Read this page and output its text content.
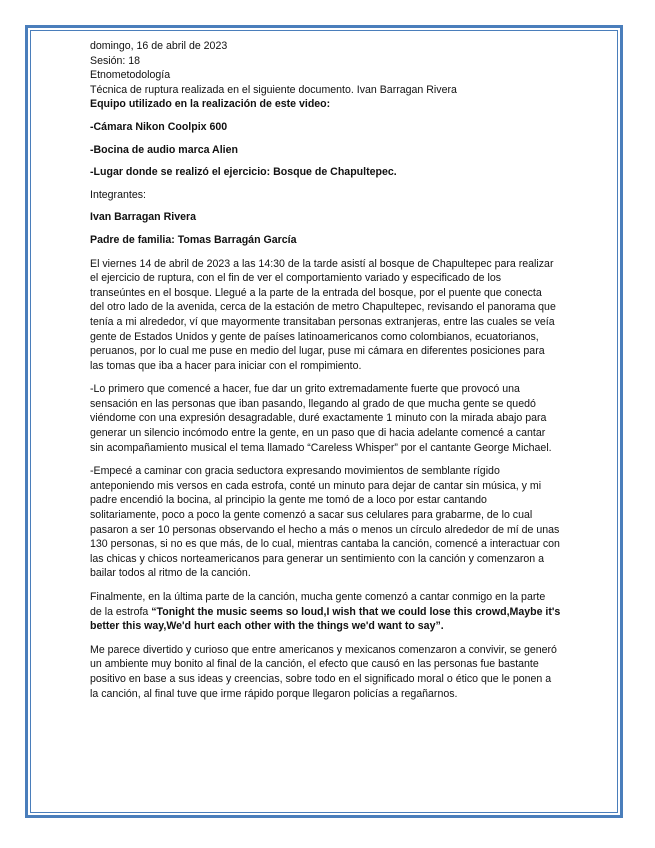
domingo, 16 de abril de 2023
Sesión: 18
Etnometodología
Técnica de ruptura realizada en el siguiente documento. Ivan Barragan Rivera
Equipo utilizado en la realización de este video:
-Cámara Nikon Coolpix 600
-Bocina de audio marca Alien
-Lugar donde se realizó el ejercicio: Bosque de Chapultepec.
Integrantes:
Ivan Barragan Rivera
Padre de familia: Tomas Barragán García

El viernes 14 de abril de 2023 a las 14:30 de la tarde asistí al bosque de Chapultepec para realizar
el ejercicio de ruptura, con el fin de ver el comportamiento variado y especificado de los
transeúntes en el bosque. Llegué a la parte de la entrada del bosque, por el puente que conecta
del otro lado de la avenida, cerca de la estación de metro Chapultepec, revisando el panorama que
tenía a mi alrededor, ví que mayormente transitaban personas extranjeras, entre las cuales se veía
gente de Estados Unidos y gente de países latinoamericanos como colombianos, ecuatorianos,
peruanos, por lo cual me puse en medio del lugar, puse mi cámara en diferentes posiciones para
las tomas que iba a hacer para iniciar con el rompimiento.

-Lo primero que comencé a hacer, fue dar un grito extremadamente fuerte que provocó una
sensación en las personas que iban pasando, llegando al grado de que mucha gente se quedó
viéndome con una expresión desagradable, duré exactamente 1 minuto con la mirada abajo para
generar un silencio incómodo entre la gente, en un paso que di hacia adelante comencé a cantar
sin acompañamiento musical el tema llamado “Careless Whisper” por el cantante George Michael.

-Empecé a caminar con gracia seductora expresando movimientos de semblante rígido
anteponiendo mis versos en cada estrofa, conté un minuto para dejar de cantar sin música, y mi
padre encendió la bocina, al principio la gente me tomó de a loco por estar cantando
solitariamente, poco a poco la gente comenzó a sacar sus celulares para grabarme, de lo cual
pasaron a ser 10 personas observando el hecho a más o menos un círculo alrededor de mí de unas
130 personas, si no es que más, de lo cual, mientras cantaba la canción, comencé a interactuar con
las chicas y chicos norteamericanos para generar un sentimiento con la canción y comenzaron a
bailar todos al ritmo de la canción.

Finalmente, en la última parte de la canción, mucha gente comenzó a cantar conmigo en la parte
de la estrofa “Tonight the music seems so loud,I wish that we could lose this crowd,Maybe it's
better this way,We'd hurt each other with the things we'd want to say”.

Me parece divertido y curioso que entre americanos y mexicanos comenzaron a convivir, se generó
un ambiente muy bonito al final de la canción, el efecto que causó en las personas fue bastante
positivo en base a sus ideas y creencias, sobre todo en el significado moral o ético que le ponen a
la canción, al final tuve que irme rápido porque llegaron policías a regañarnos.
